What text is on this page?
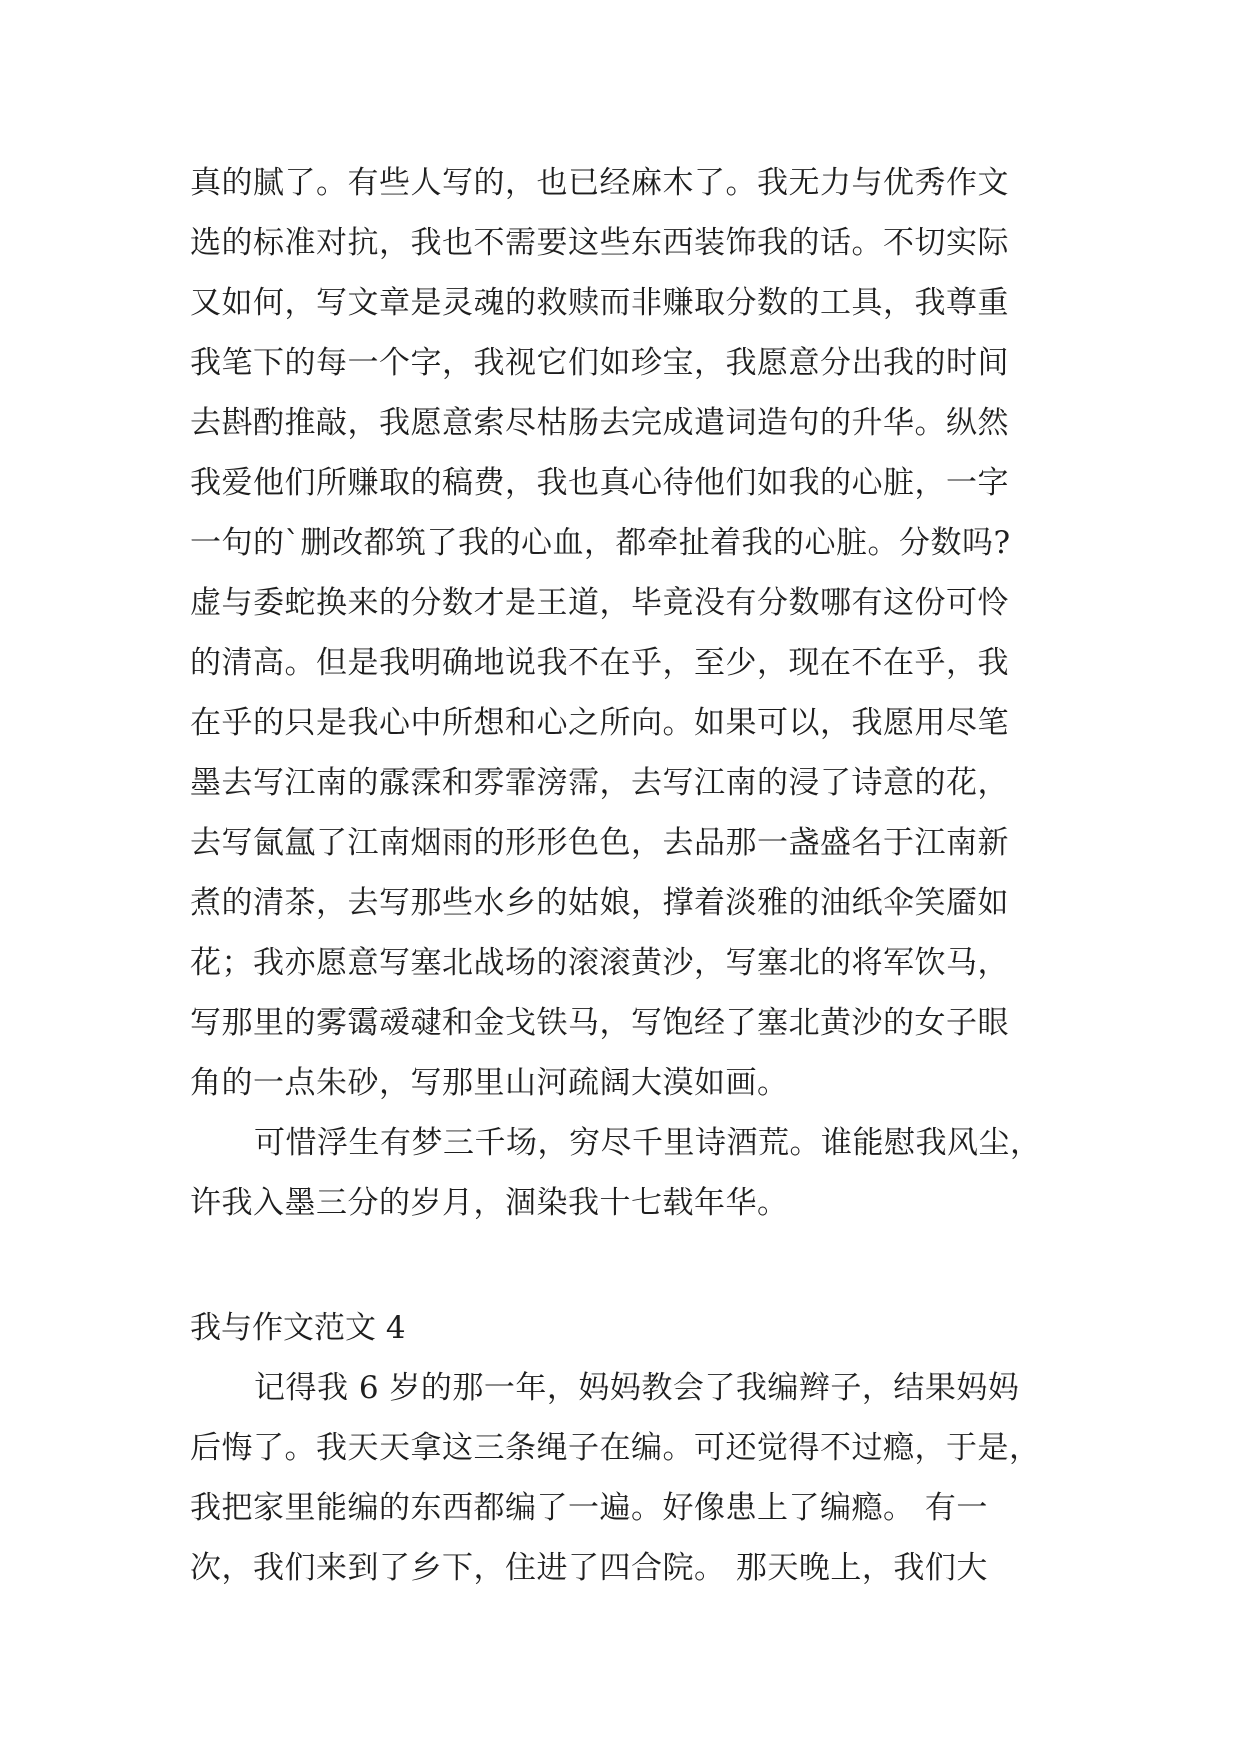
真的腻了。有些人写的，也已经麻木了。我无力与优秀作文
选的标准对抗，我也不需要这些东西装饰我的话。不切实际
又如何，写文章是灵魂的救赎而非赚取分数的工具，我尊重
我笔下的每一个字，我视它们如珍宝，我愿意分出我的时间
去斟酌推敲，我愿意索尽枯肠去完成遣词造句的升华。纵然
我爱他们所赚取的稿费，我也真心待他们如我的心脏，一字
一句的`删改都筑了我的心血，都牵扯着我的心脏。分数吗?
虚与委蛇换来的分数才是王道，毕竟没有分数哪有这份可怜
的清高。但是我明确地说我不在乎，至少，现在不在乎，我
在乎的只是我心中所想和心之所向。如果可以，我愿用尽笔
墨去写江南的霡霂和雰霏滂霈，去写江南的浸了诗意的花，
去写氤氲了江南烟雨的形形色色，去品那一盏盛名于江南新
煮的清茶，去写那些水乡的姑娘，撑着淡雅的油纸伞笑靥如
花；我亦愿意写塞北战场的滚滚黄沙，写塞北的将军饮马，
写那里的雾霭叆叇和金戈铁马，写饱经了塞北黄沙的女子眼
角的一点朱砂，写那里山河疏阔大漠如画。
可惜浮生有梦三千场，穷尽千里诗酒荒。谁能慰我风尘，
许我入墨三分的岁月，涸染我十七载年华。
我与作文范文 4
记得我 6 岁的那一年，妈妈教会了我编辫子，结果妈妈
后悔了。我天天拿这三条绳子在编。可还觉得不过瘾，于是，
我把家里能编的东西都编了一遍。好像患上了编瘾。 有一
次，我们来到了乡下，住进了四合院。 那天晚上，我们大
